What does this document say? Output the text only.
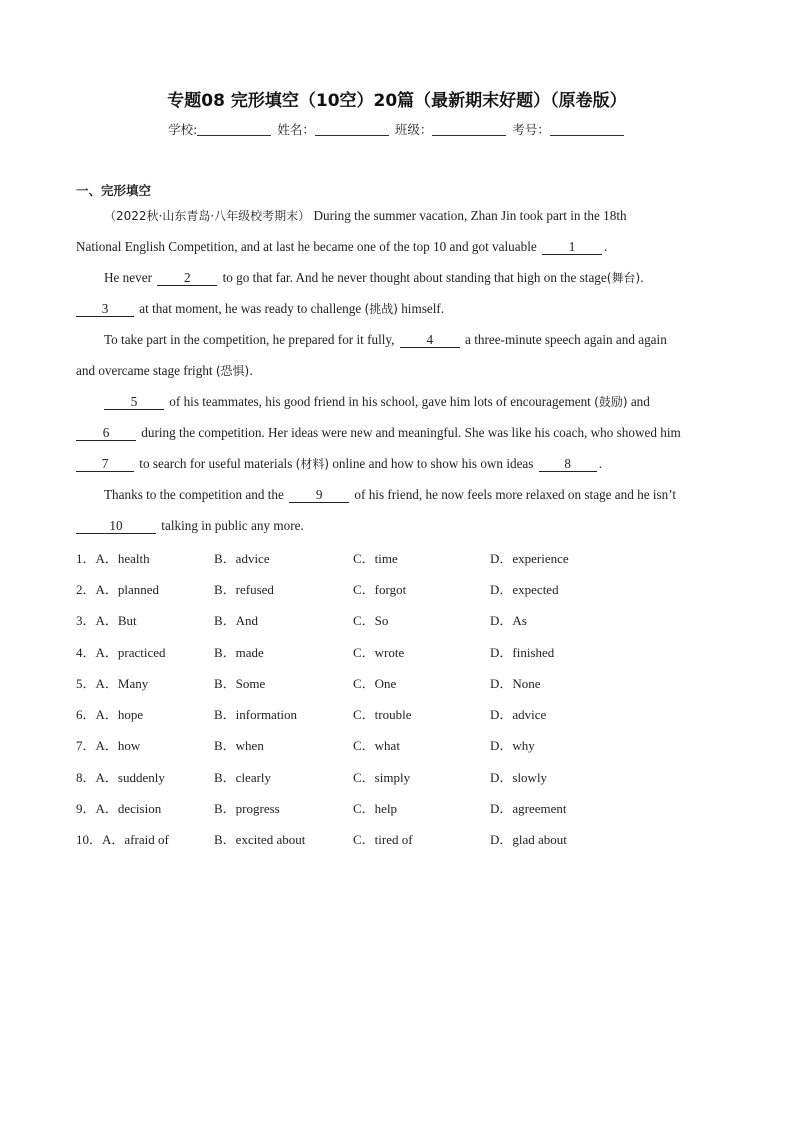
专题08 完形填空（10空）20篇（最新期末好题）（原卷版）
学校:	姓名：	班级：	考号：
一、完形填空
（2022秋·山东青岛·八年级校考期末） During the summer vacation, Zhan Jin took part in the 18th
National English Competition, and at last he became one of the top 10 and got valuable 1 .
He never 2 to go that far. And he never thought about standing that high on the stage(舞台).
3 at that moment, he was ready to challenge (挑战) himself.
To take part in the competition, he prepared for it fully, 4 a three-minute speech again and again
and overcame stage fright (恐惧).
5 of his teammates, his good friend in his school, gave him lots of encouragement (鼓励) and
6 during the competition. Her ideas were new and meaningful. She was like his coach, who showed him
7 to search for useful materials (材料) online and how to show his own ideas 8 .
Thanks to the competition and the 9 of his friend, he now feels more relaxed on stage and he isn’t
10	talking in public any more.
1．A．health	B．advice	C．time	D．experience
2．A．planned	B．refused	C．forgot	D．expected
3．A．But	B．And	C．So	D．As
4．A．practiced	B．made	C．wrote	D．finished
5．A．Many	B．Some	C．One	D．None
6．A．hope	B．information	C．trouble	D．advice
7．A．how	B．when	C．what	D．why
8．A．suddenly	B．clearly	C．simply	D．slowly
9．A．decision	B．progress	C．help	D．agreement
10．A．afraid of	B．excited about	C．tired of	D．glad about
